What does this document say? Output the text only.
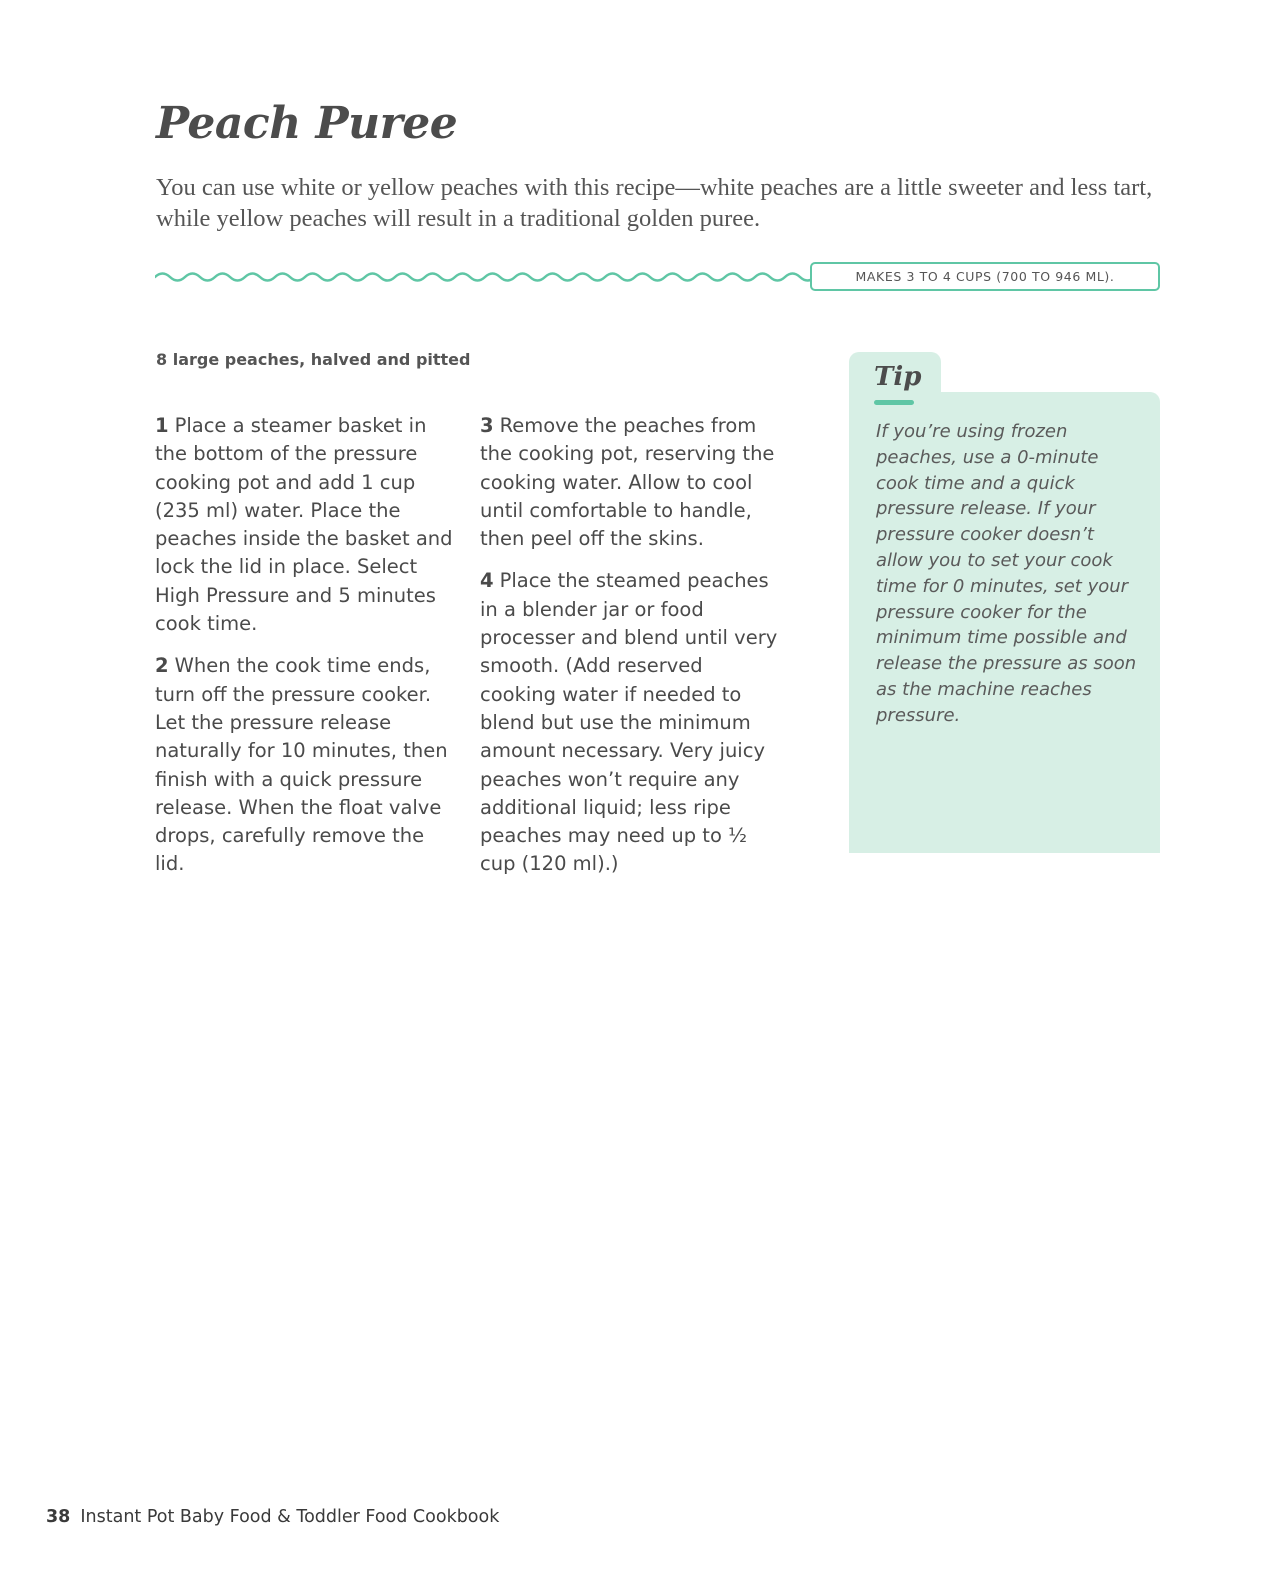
Peach Puree

You can use white or yellow peaches with this recipe—white peaches are a little sweeter and less tart, while yellow peaches will result in a traditional golden puree.

MAKES 3 TO 4 CUPS (700 TO 946 ML).
8 large peaches, halved and pitted

1 Place a steamer basket in the bottom of the pressure cooking pot and add 1 cup (235 ml) water. Place the peaches inside the basket and lock the lid in place. Select High Pressure and 5 minutes cook time.

2 When the cook time ends, turn off the pressure cooker. Let the pressure release naturally for 10 minutes, then finish with a quick pressure release. When the float valve drops, carefully remove the lid.

3 Remove the peaches from the cooking pot, reserving the cooking water. Allow to cool until comfortable to handle, then peel off the skins.

4 Place the steamed peaches in a blender jar or food processer and blend until very smooth. (Add reserved cooking water if needed to blend but use the minimum amount necessary. Very juicy peaches won’t require any additional liquid; less ripe peaches may need up to ½ cup (120 ml).)

Tip

If you’re using frozen peaches, use a 0-minute cook time and a quick pressure release. If your pressure cooker doesn’t allow you to set your cook time for 0 minutes, set your pressure cooker for the minimum time possible and release the pressure as soon as the machine reaches pressure.

38 Instant Pot Baby Food & Toddler Food Cookbook
